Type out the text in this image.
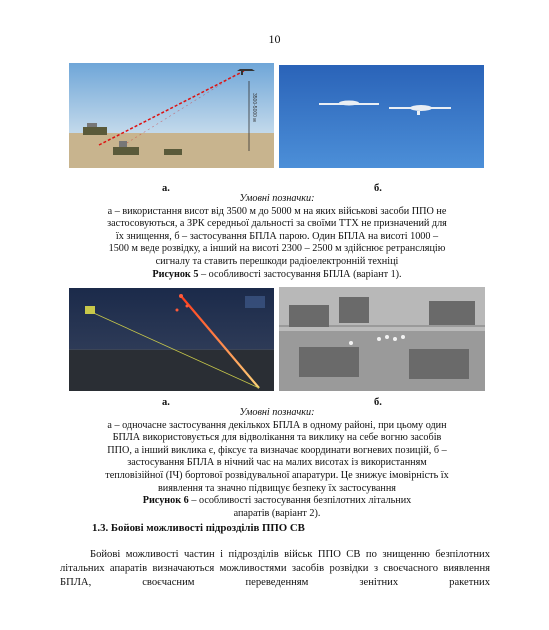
10
3500-5000 м
а.	б.
Умовні позначки:
а – використання висот від 3500 м до 5000 м на яких військові засоби ППО не
застосовуються, а ЗРК середньої дальності за своїми ТТХ не призначений для
їх знищення, б – застосування БПЛА парою. Один БПЛА на висоті 1000 –
1500 м веде розвідку, а інший на висоті 2300 – 2500 м здійснює ретрансляцію
сигналу та ставить перешкоди радіоелектронній техніці
Рисунок 5 – особливості застосування БПЛА (варіант 1).
а.	б.
Умовні позначки:
а – одночасне застосування декількох БПЛА в одному районі, при цьому один
БПЛА використовується для відволікання та виклику на себе вогню засобів
ППО, а інший виклика є, фіксує та визначає координати вогневих позицій, б –
застосування БПЛА в нічний час на малих висотах із використанням
тепловізійної (ІЧ) бортової розвідувальної апаратури. Це знижує імовірність їх
виявлення та значно підвищує безпеку їх застосування
Рисунок 6 – особливості застосування безпілотних літальних
апаратів (варіант 2).
1.3. Бойові можливості підрозділів ППО СВ

Бойові можливості частин і підрозділів військ ППО СВ по знищенню безпілотних літальних апаратів визначаються можливостями засобів розвідки з своєчасного виявлення БПЛА, своєчасним переведенням зенітних ракетних
